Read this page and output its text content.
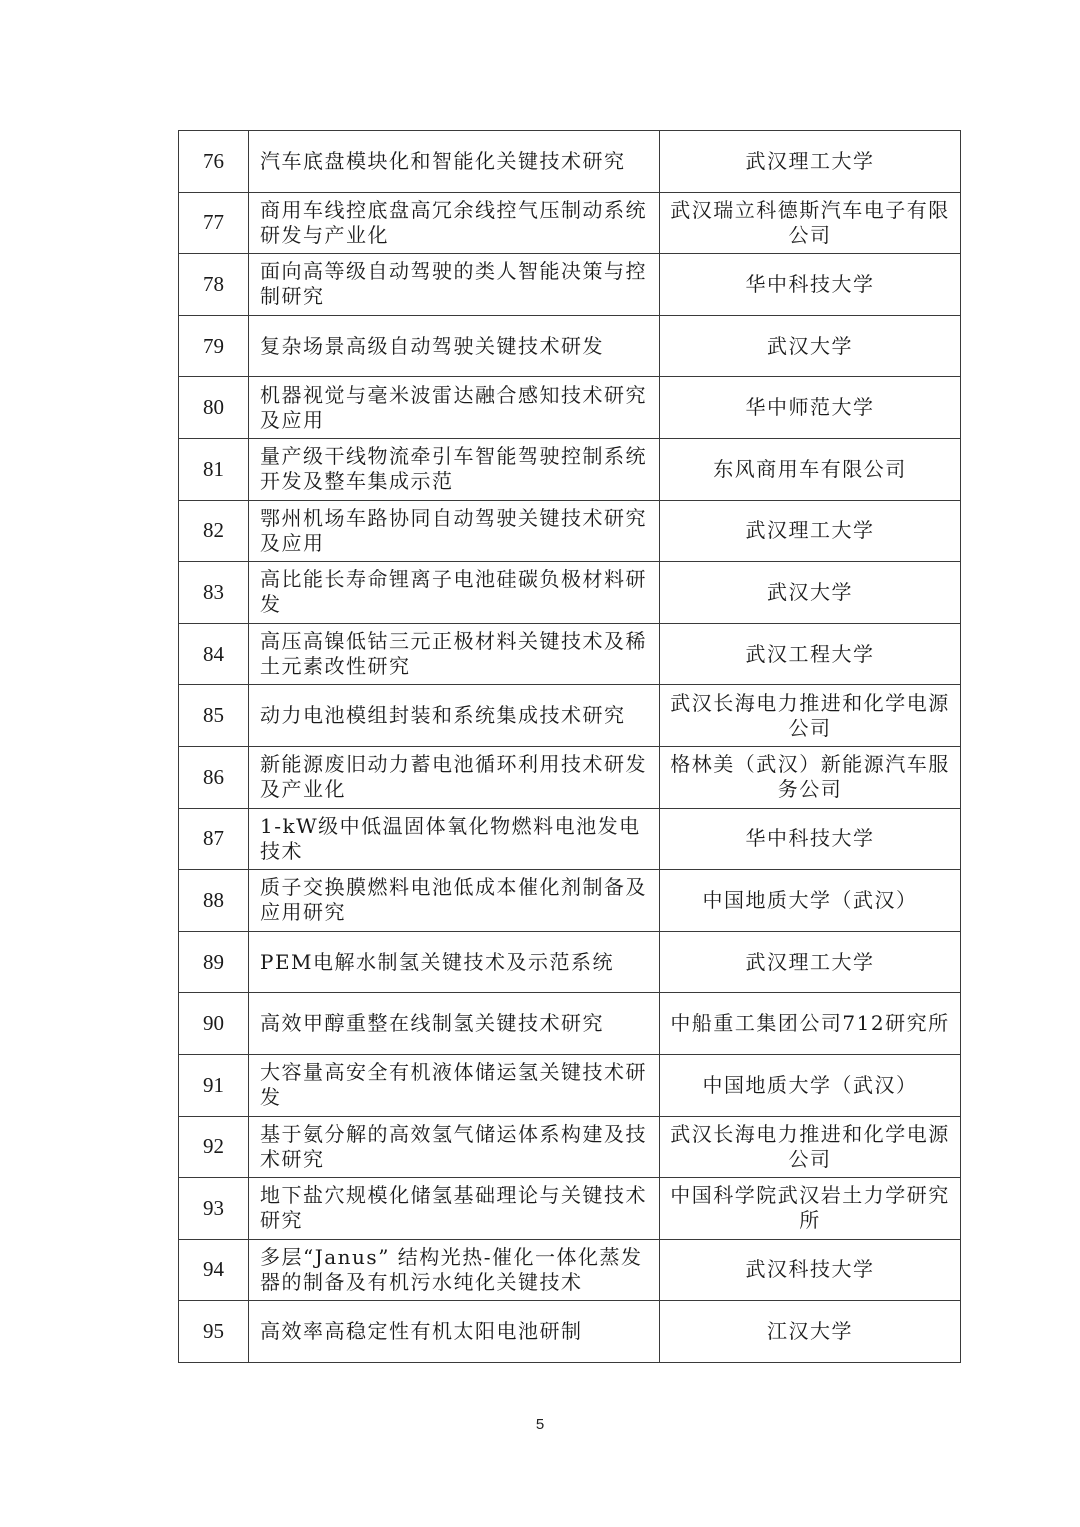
76	汽车底盘模块化和智能化关键技术研究	武汉理工大学
77	商用车线控底盘高冗余线控气压制动系统研发与产业化	武汉瑞立科德斯汽车电子有限公司
78	面向高等级自动驾驶的类人智能决策与控制研究	华中科技大学
79	复杂场景高级自动驾驶关键技术研发	武汉大学
80	机器视觉与毫米波雷达融合感知技术研究及应用	华中师范大学
81	量产级干线物流牵引车智能驾驶控制系统开发及整车集成示范	东风商用车有限公司
82	鄂州机场车路协同自动驾驶关键技术研究及应用	武汉理工大学
83	高比能长寿命锂离子电池硅碳负极材料研发	武汉大学
84	高压高镍低钴三元正极材料关键技术及稀土元素改性研究	武汉工程大学
85	动力电池模组封装和系统集成技术研究	武汉长海电力推进和化学电源公司
86	新能源废旧动力蓄电池循环利用技术研发及产业化	格林美（武汉）新能源汽车服务公司
87	1-kW级中低温固体氧化物燃料电池发电技术	华中科技大学
88	质子交换膜燃料电池低成本催化剂制备及应用研究	中国地质大学（武汉）
89	PEM电解水制氢关键技术及示范系统	武汉理工大学
90	高效甲醇重整在线制氢关键技术研究	中船重工集团公司712研究所
91	大容量高安全有机液体储运氢关键技术研发	中国地质大学（武汉）
92	基于氨分解的高效氢气储运体系构建及技术研究	武汉长海电力推进和化学电源公司
93	地下盐穴规模化储氢基础理论与关键技术研究	中国科学院武汉岩土力学研究所
94	多层“Janus” 结构光热-催化一体化蒸发器的制备及有机污水纯化关键技术	武汉科技大学
95	高效率高稳定性有机太阳电池研制	江汉大学
5
